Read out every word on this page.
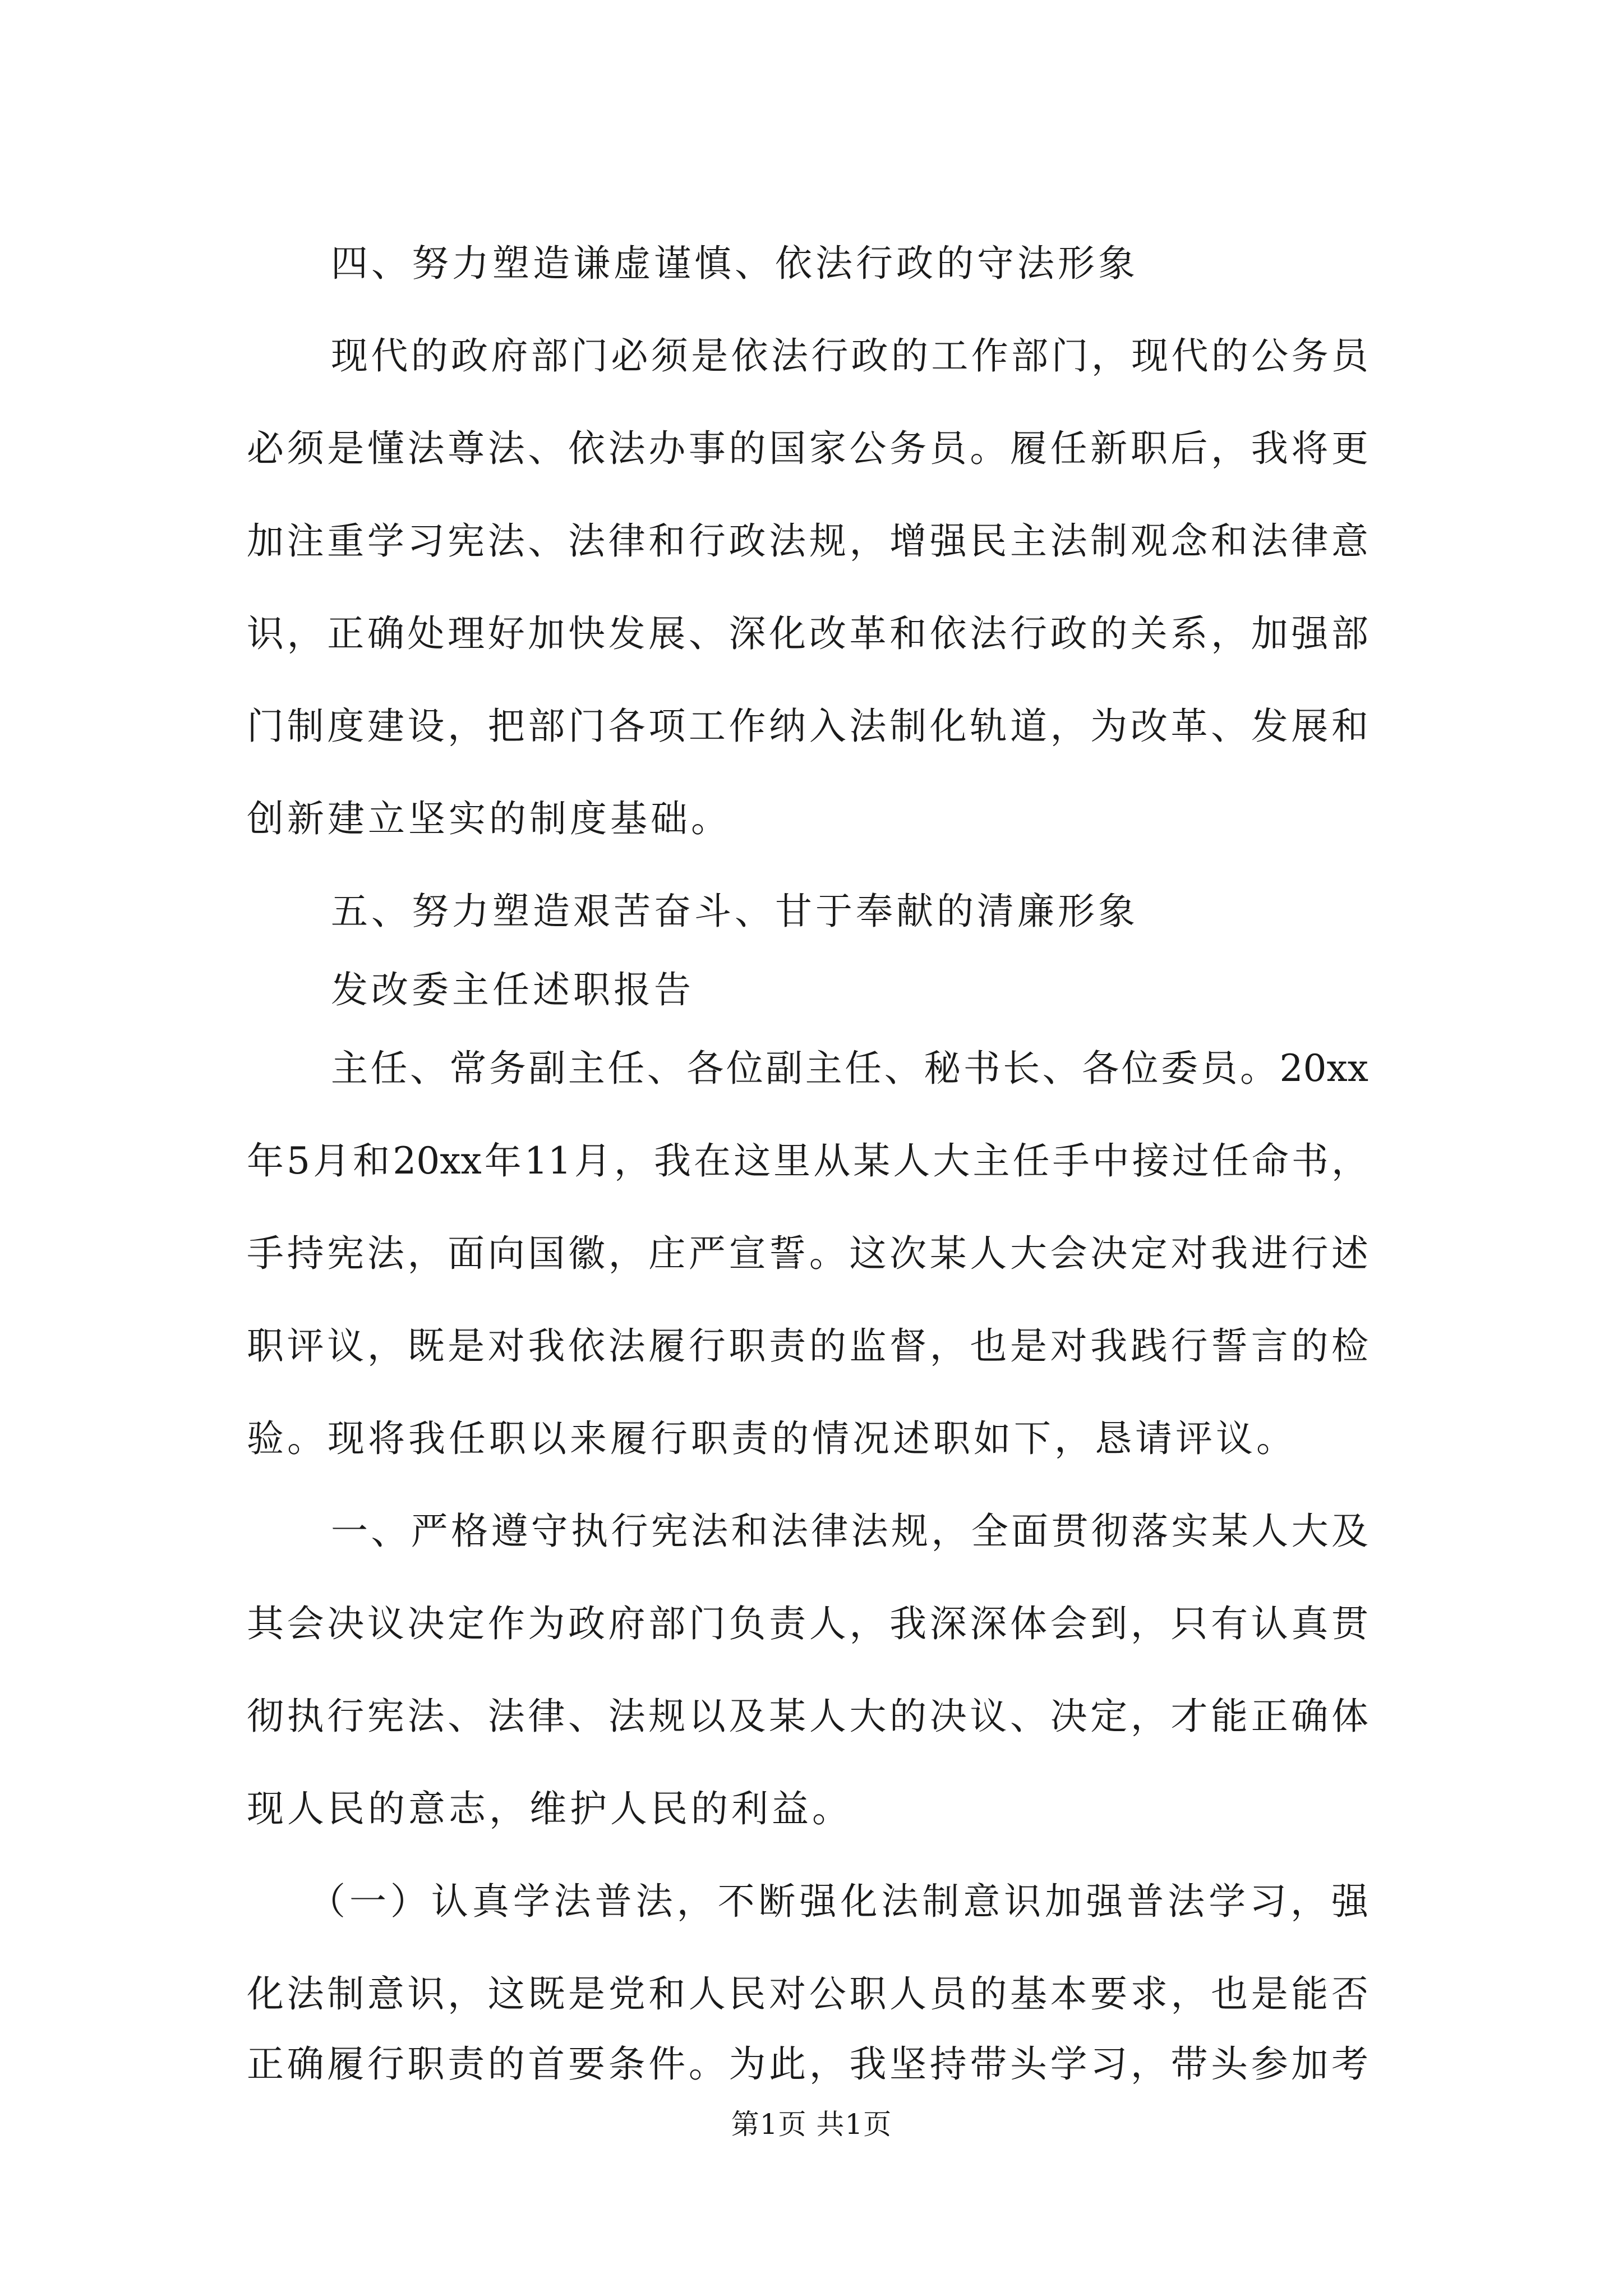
四、努力塑造谦虚谨慎、依法行政的守法形象
现代的政府部门必须是依法行政的工作部门，现代的公务员
必须是懂法尊法、依法办事的国家公务员。履任新职后，我将更
加注重学习宪法、法律和行政法规，增强民主法制观念和法律意
识，正确处理好加快发展、深化改革和依法行政的关系，加强部
门制度建设，把部门各项工作纳入法制化轨道，为改革、发展和
创新建立坚实的制度基础。
五、努力塑造艰苦奋斗、甘于奉献的清廉形象
发改委主任述职报告
主任、常务副主任、各位副主任、秘书长、各位委员。20xx
年5月和20xx年11月，我在这里从某人大主任手中接过任命书，
手持宪法，面向国徽，庄严宣誓。这次某人大会决定对我进行述
职评议，既是对我依法履行职责的监督，也是对我践行誓言的检
验。现将我任职以来履行职责的情况述职如下，恳请评议。
一、严格遵守执行宪法和法律法规，全面贯彻落实某人大及
其会决议决定作为政府部门负责人，我深深体会到，只有认真贯
彻执行宪法、法律、法规以及某人大的决议、决定，才能正确体
现人民的意志，维护人民的利益。
（一）认真学法普法，不断强化法制意识加强普法学习，强
化法制意识，这既是党和人民对公职人员的基本要求，也是能否
正确履行职责的首要条件。为此，我坚持带头学习，带头参加考
第1页 共1页
